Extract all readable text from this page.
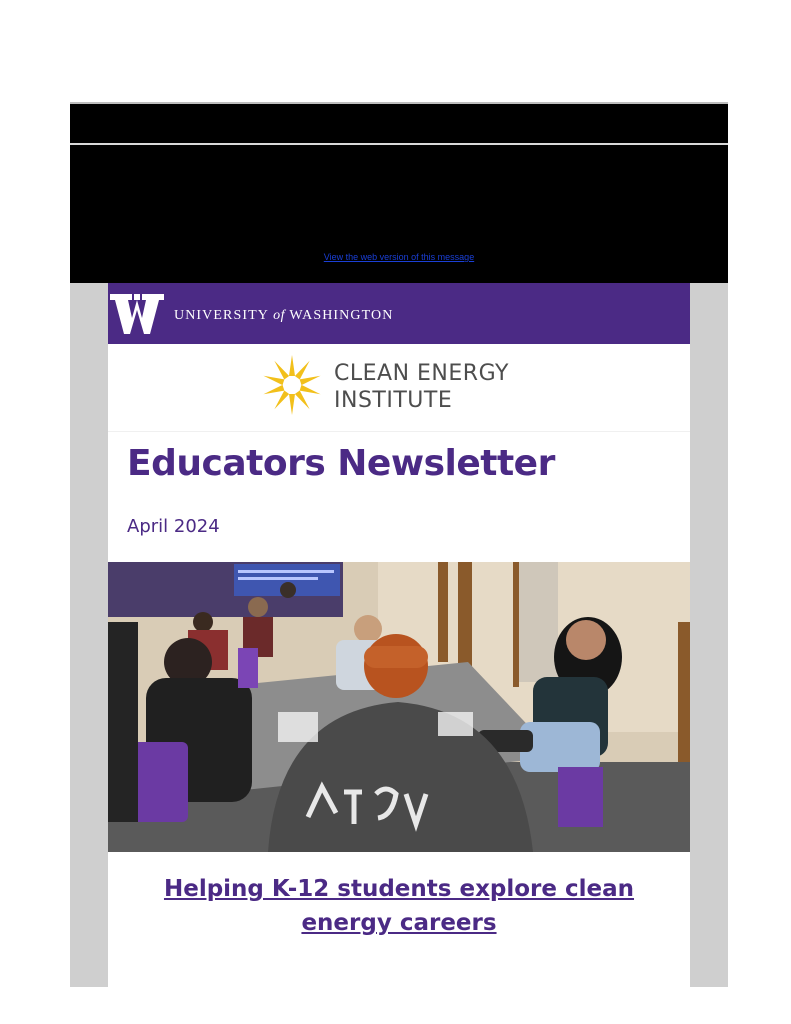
View the web version of this message
UNIVERSITY of WASHINGTON
CLEAN ENERGY
INSTITUTE
Educators Newsletter
April 2024
Helping K-12 students explore clean energy careers
